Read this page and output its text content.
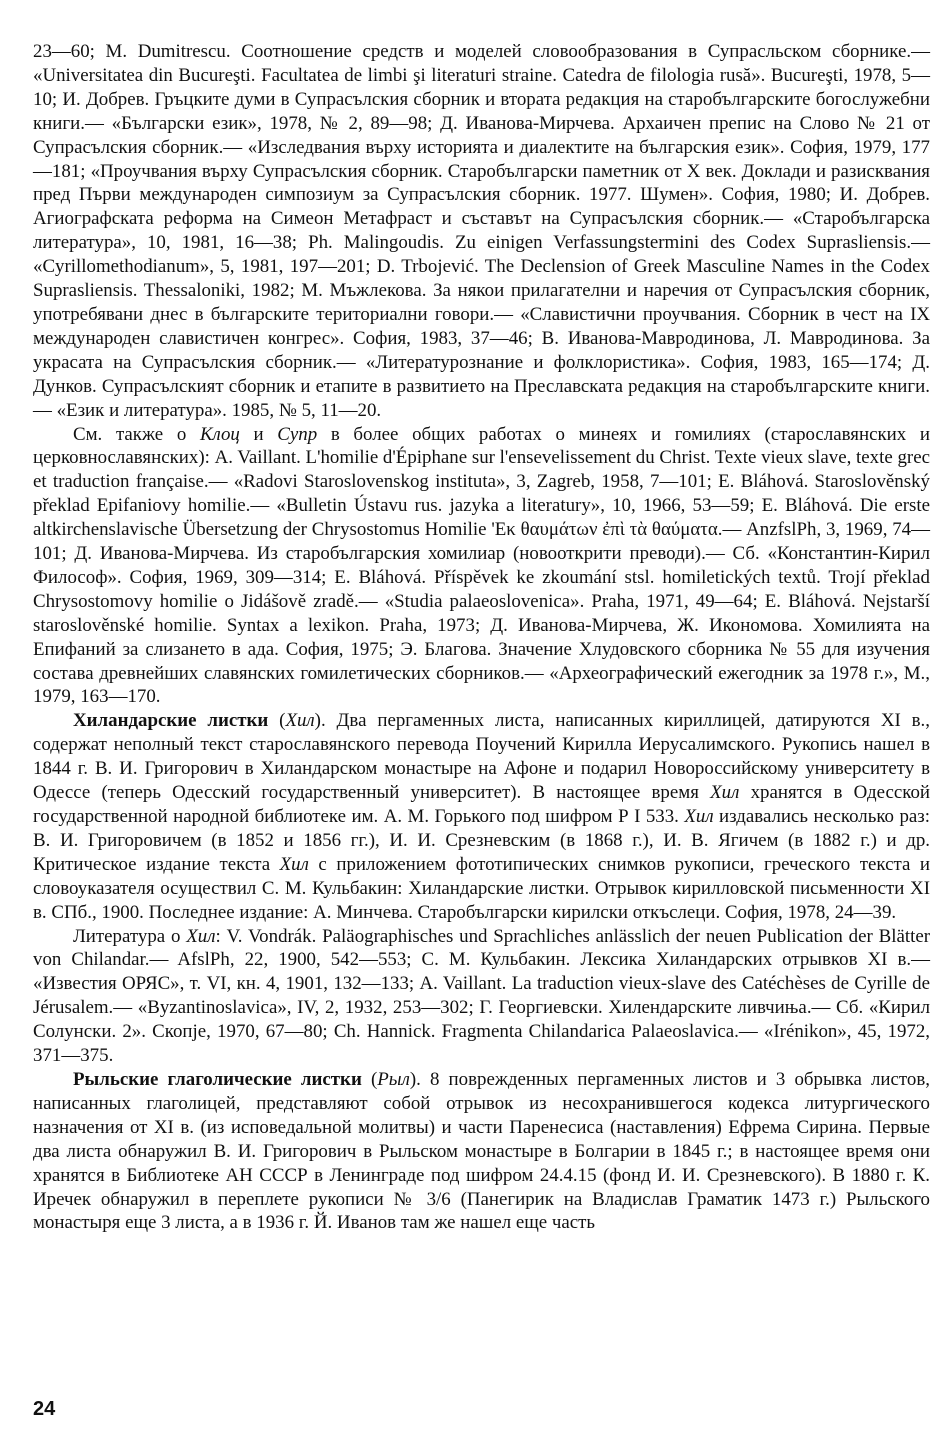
23—60; M. Dumitrescu. Соотношение средств и моделей словообразования в Супрасльском сборнике.— «Universitatea din Bucureşti. Facultatea de limbi şi literaturi straine. Catedra de filologia rusă». Bucureşti, 1978, 5—10; И. Добрев. Гръцките думи в Супрасълския сборник и втората редакция на старобългарските богослужебни книги.— «Български език», 1978, № 2, 89—98; Д. Иванова-Мирчева. Архаичен препис на Слово № 21 от Супрасълския сборник.— «Изследвания върху историята и диалектите на българския език». София, 1979, 177—181; «Проучвания върху Супрасълския сборник. Старобългарски паметник от X век. Доклади и разисквания пред Първи международен симпозиум за Супрасълския сборник. 1977. Шумен». София, 1980; И. Добрев. Агиографската реформа на Симеон Метафраст и съставът на Супрасълския сборник.— «Старобългарска литература», 10, 1981, 16—38; Ph. Malingoudis. Zu einigen Verfassungstermini des Codex Suprasliensis.— «Cyrillomethodianum», 5, 1981, 197—201; D. Trbojević. The Declension of Greek Masculine Names in the Codex Suprasliensis. Thessaloniki, 1982; М. Мъжлекова. За някои прилагателни и наречия от Супрасълския сборник, употребявани днес в българските териториални говори.— «Славистични проучвания. Сборник в чест на IX международен славистичен конгрес». София, 1983, 37—46; В. Иванова-Мавродинова, Л. Мавродинова. За украсата на Супрасълския сборник.— «Литературознание и фолклористика». София, 1983, 165—174; Д. Дунков. Супрасълският сборник и етапите в развитието на Преславската редакция на старобългарските книги.— «Език и литература». 1985, № 5, 11—20.

См. также о Клоц и Супр в более общих работах о минеях и гомилиях (старославянских и церковнославянских): A. Vaillant. L'homilie d'Épiphane sur l'ensevelissement du Christ. Texte vieux slave, texte grec et traduction française.— «Radovi Staroslovenskog instituta», 3, Zagreb, 1958, 7—101; E. Bláhová. Staroslověnský překlad Epifaniovy homilie.— «Bulletin Ústavu rus. jazyka a literatury», 10, 1966, 53—59; E. Bláhová. Die erste altkirchenslavische Übersetzung der Chrysostomus Homilie 'Εκ θαυμάτων ἐπὶ τὰ θαύματα.— AnzfslPh, 3, 1969, 74—101; Д. Иванова-Мирчева. Из старобългарския хомилиар (новооткрити преводи).— Сб. «Константин-Кирил Философ». София, 1969, 309—314; E. Bláhová. Příspěvek ke zkoumání stsl. homiletických textů. Trojí překlad Chrysostomovy homilie o Jidášově zradě.— «Studia palaeoslovenica». Praha, 1971, 49—64; E. Bláhová. Nejstarší staroslověnské homilie. Syntax a lexikon. Praha, 1973; Д. Иванова-Мирчева, Ж. Икономова. Хомилията на Епифаний за слизането в ада. София, 1975; Э. Благова. Значение Хлудовского сборника № 55 для изучения состава древнейших славянских гомилетических сборников.— «Археографический ежегодник за 1978 г.», М., 1979, 163—170.

Хиландарские листки (Хил). Два пергаменных листа, написанных кириллицей, датируются XI в., содержат неполный текст старославянского перевода Поучений Кирилла Иерусалимского. Рукопись нашел в 1844 г. В. И. Григорович в Хиландарском монастыре на Афоне и подарил Новороссийскому университету в Одессе (теперь Одесский государственный университет). В настоящее время Хил хранятся в Одесской государственной народной библиотеке им. А. М. Горького под шифром Р I 533. Хил издавались несколько раз: В. И. Григоровичем (в 1852 и 1856 гг.), И. И. Срезневским (в 1868 г.), И. В. Ягичем (в 1882 г.) и др. Критическое издание текста Хил с приложением фототипических снимков рукописи, греческого текста и словоуказателя осуществил С. М. Кульбакин: Хиландарские листки. Отрывок кирилловской письменности XI в. СПб., 1900. Последнее издание: А. Минчева. Старобългарски кирилски откъслеци. София, 1978, 24—39.

Литература о Хил: V. Vondrák. Paläographisches und Sprachliches anlässlich der neuen Publication der Blätter von Chilandar.— AfslPh, 22, 1900, 542—553; С. М. Кульбакин. Лексика Хиландарских отрывков XI в.— «Известия ОРЯС», т. VI, кн. 4, 1901, 132—133; A. Vaillant. La traduction vieux-slave des Catéchèses de Cyrille de Jérusalem.— «Byzantinoslavica», IV, 2, 1932, 253—302; Г. Георгиевски. Хилендарските ливчиња.— Сб. «Кирил Солунски. 2». Скопје, 1970, 67—80; Ch. Hannick. Fragmenta Chilandarica Palaeoslavica.— «Irénikon», 45, 1972, 371—375.

Рыльские глаголические листки (Рыл). 8 поврежденных пергаменных листов и 3 обрывка листов, написанных глаголицей, представляют собой отрывок из несохранившегося кодекса литургического назначения от XI в. (из исповедальной молитвы) и части Паренесиса (наставления) Ефрема Сирина. Первые два листа обнаружил В. И. Григорович в Рыльском монастыре в Болгарии в 1845 г.; в настоящее время они хранятся в Библиотеке АН СССР в Ленинграде под шифром 24.4.15 (фонд И. И. Срезневского). В 1880 г. К. Иречек обнаружил в переплете рукописи № 3/6 (Панегирик на Владислав Граматик 1473 г.) Рыльского монастыря еще 3 листа, а в 1936 г. Й. Иванов там же нашел еще часть

24
